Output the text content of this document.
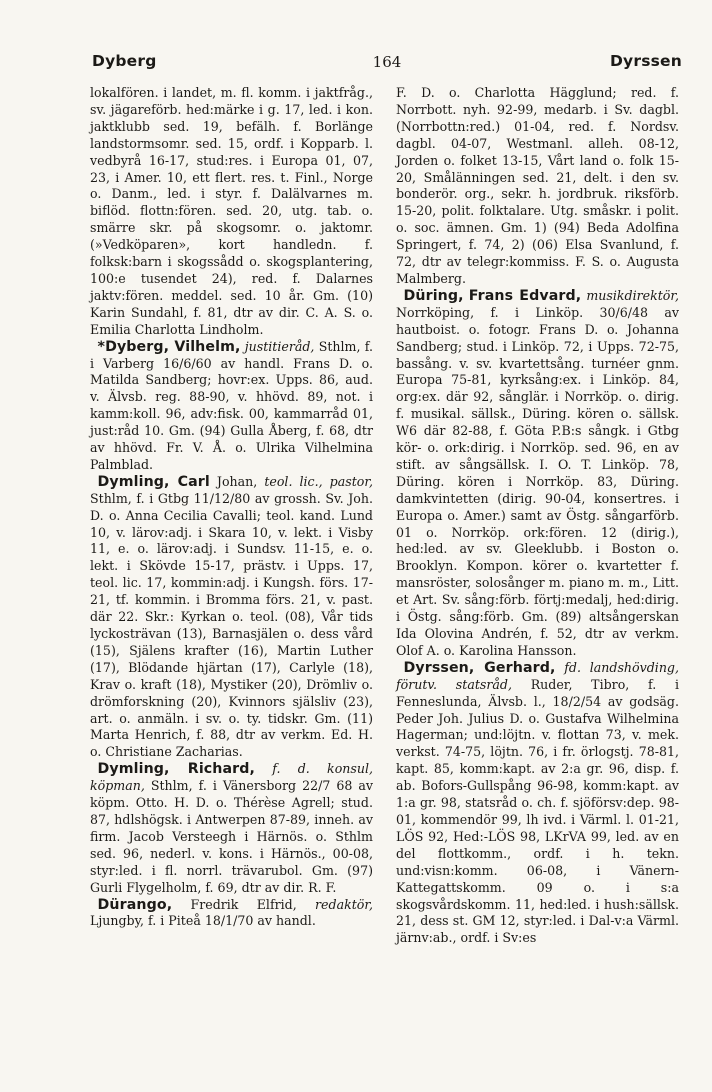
Dyberg	164	Dyrssen

lokalfören. i landet, m. fl. komm. i jaktfråg., sv. jägareförb. hed:märke i g. 17, led. i kon. jaktklubb sed. 19, befälh. f. Borlänge landstormsomr. sed. 15, ordf. i Kopparb. l. vedbyrå 16-17, stud:res. i Europa 01, 07, 23, i Amer. 10, ett flert. res. t. Finl., Norge o. Danm., led. i styr. f. Dalälvarnes m. biflöd. flottn:fören. sed. 20, utg. tab. o. smärre skr. på skogsomr. o. jaktomr. (»Vedköparen», kort handledn. f. folksk:barn i skogssådd o. skogsplantering, 100:e tusendet 24), red. f. Dalarnes jaktv:fören. meddel. sed. 10 år. Gm. (10) Karin Sundahl, f. 81, dtr av dir. C. A. S. o. Emilia Charlotta Lindholm.

*Dyberg, Vilhelm, justitieråd, Sthlm, f. i Varberg 16/6/60 av handl. Frans D. o. Matilda Sandberg; hovr:ex. Upps. 86, aud. v. Älvsb. reg. 88-90, v. hhövd. 89, not. i kamm:koll. 96, adv:fisk. 00, kammarråd 01, just:råd 10. Gm. (94) Gulla Åberg, f. 68, dtr av hhövd. Fr. V. Å. o. Ulrika Vilhelmina Palmblad.

Dymling, Carl Johan, teol. lic., pastor, Sthlm, f. i Gtbg 11/12/80 av grossh. Sv. Joh. D. o. Anna Cecilia Cavalli; teol. kand. Lund 10, v. lärov:adj. i Skara 10, v. lekt. i Visby 11, e. o. lärov:adj. i Sundsv. 11-15, e. o. lekt. i Skövde 15-17, prästv. i Upps. 17, teol. lic. 17, kommin:adj. i Kungsh. förs. 17-21, tf. kommin. i Bromma förs. 21, v. past. där 22. Skr.: Kyrkan o. teol. (08), Vår tids lyckosträvan (13), Barnasjälen o. dess vård (15), Själens krafter (16), Martin Luther (17), Blödande hjärtan (17), Carlyle (18), Krav o. kraft (18), Mystiker (20), Drömliv o. drömforskning (20), Kvinnors själsliv (23), art. o. anmäln. i sv. o. ty. tidskr. Gm. (11) Marta Henrich, f. 88, dtr av verkm. Ed. H. o. Christiane Zacharias.

Dymling, Richard, f. d. konsul, köpman, Sthlm, f. i Vänersborg 22/7 68 av köpm. Otto. H. D. o. Thérèse Agrell; stud. 87, hdlshögsk. i Antwerpen 87-89, inneh. av firm. Jacob Versteegh i Härnös. o. Sthlm sed. 96, nederl. v. kons. i Härnös., 00-08, styr:led. i fl. norrl. trävarubol. Gm. (97) Gurli Flygelholm, f. 69, dtr av dir. R. F.

Dürango, Fredrik Elfrid, redaktör, Ljungby, f. i Piteå 18/1/70 av handl.

F. D. o. Charlotta Hägglund; red. f. Norrbott. nyh. 92-99, medarb. i Sv. dagbl. (Norrbottn:red.) 01-04, red. f. Nordsv. dagbl. 04-07, Westmanl. alleh. 08-12, Jorden o. folket 13-15, Vårt land o. folk 15-20, Smålänningen sed. 21, delt. i den sv. bonderör. org., sekr. h. jordbruk. riksförb. 15-20, polit. folktalare. Utg. småskr. i polit. o. soc. ämnen. Gm. 1) (94) Beda Adolfina Springert, f. 74, 2) (06) Elsa Svanlund, f. 72, dtr av telegr:kommiss. F. S. o. Augusta Malmberg.

Düring, Frans Edvard, musikdirektör, Norrköping, f. i Linköp. 30/6/48 av hautboist. o. fotogr. Frans D. o. Johanna Sandberg; stud. i Linköp. 72, i Upps. 72-75, bassång. v. sv. kvartettsång. turnéer gnm. Europa 75-81, kyrksång:ex. i Linköp. 84, org:ex. där 92, sånglär. i Norrköp. o. dirig. f. musikal. sällsk., Düring. kören o. sällsk. W6 där 82-88, f. Göta P.B:s sångk. i Gtbg kör- o. ork:dirig. i Norrköp. sed. 96, en av stift. av sångsällsk. I. O. T. Linköp. 78, Düring. kören i Norrköp. 83, Düring. damkvintetten (dirig. 90-04, konsertres. i Europa o. Amer.) samt av Östg. sångarförb. 01 o. Norrköp. ork:fören. 12 (dirig.), hed:led. av sv. Gleeklubb. i Boston o. Brooklyn. Kompon. körer o. kvartetter f. mansröster, solosånger m. piano m. m., Litt. et Art. Sv. sång:förb. förtj:medalj, hed:dirig. i Östg. sång:förb. Gm. (89) altsångerskan Ida Olovina Andrén, f. 52, dtr av verkm. Olof A. o. Karolina Hansson.

Dyrssen, Gerhard, fd. landshövding, förutv. statsråd, Ruder, Tibro, f. i Fenneslunda, Älvsb. l., 18/2/54 av godsäg. Peder Joh. Julius D. o. Gustafva Wilhelmina Hagerman; und:löjtn. v. flottan 73, v. mek. verkst. 74-75, löjtn. 76, i fr. örlogstj. 78-81, kapt. 85, komm:kapt. av 2:a gr. 96, disp. f. ab. Bofors-Gullspång 96-98, komm:kapt. av 1:a gr. 98, statsråd o. ch. f. sjöförsv:dep. 98-01, kommendör 99, lh ivd. i Värml. l. 01-21, LÖS 92, Hed:-LÖS 98, LKrVA 99, led. av en del flottkomm., ordf. i h. tekn. und:visn:komm. 06-08, i Vänern-Kattegattskomm. 09 o. i s:a skogsvårdskomm. 11, hed:led. i hush:sällsk. 21, dess st. GM 12, styr:led. i Dal-v:a Värml. järnv:ab., ordf. i Sv:es
